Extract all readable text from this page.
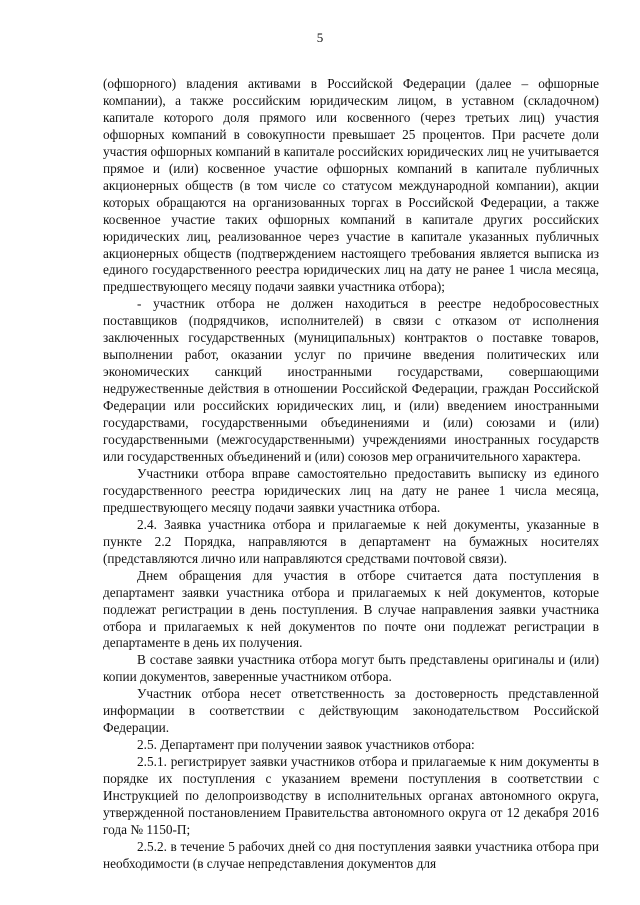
5

(офшорного) владения активами в Российской Федерации (далее – офшорные компании), а также российским юридическим лицом, в уставном (складочном) капитале которого доля прямого или косвенного (через третьих лиц) участия офшорных компаний в совокупности превышает 25 процентов. При расчете доли участия офшорных компаний в капитале российских юридических лиц не учитывается прямое и (или) косвенное участие офшорных компаний в капитале публичных акционерных обществ (в том числе со статусом международной компании), акции которых обращаются на организованных торгах в Российской Федерации, а также косвенное участие таких офшорных компаний в капитале других российских юридических лиц, реализованное через участие в капитале указанных публичных акционерных обществ (подтверждением настоящего требования является выписка из единого государственного реестра юридических лиц на дату не ранее 1 числа месяца, предшествующего месяцу подачи заявки участника отбора);

- участник отбора не должен находиться в реестре недобросовестных поставщиков (подрядчиков, исполнителей) в связи с отказом от исполнения заключенных государственных (муниципальных) контрактов о поставке товаров, выполнении работ, оказании услуг по причине введения политических или экономических санкций иностранными государствами, совершающими недружественные действия в отношении Российской Федерации, граждан Российской Федерации или российских юридических лиц, и (или) введением иностранными государствами, государственными объединениями и (или) союзами и (или) государственными (межгосударственными) учреждениями иностранных государств или государственных объединений и (или) союзов мер ограничительного характера.

Участники отбора вправе самостоятельно предоставить выписку из единого государственного реестра юридических лиц на дату не ранее 1 числа месяца, предшествующего месяцу подачи заявки участника отбора.

2.4. Заявка участника отбора и прилагаемые к ней документы, указанные в пункте 2.2 Порядка, направляются в департамент на бумажных носителях (представляются лично или направляются средствами почтовой связи).

Днем обращения для участия в отборе считается дата поступления в департамент заявки участника отбора и прилагаемых к ней документов, которые подлежат регистрации в день поступления. В случае направления заявки участника отбора и прилагаемых к ней документов по почте они подлежат регистрации в департаменте в день их получения.

В составе заявки участника отбора могут быть представлены оригиналы и (или) копии документов, заверенные участником отбора.

Участник отбора несет ответственность за достоверность представленной информации в соответствии с действующим законодательством Российской Федерации.

2.5. Департамент при получении заявок участников отбора:

2.5.1. регистрирует заявки участников отбора и прилагаемые к ним документы в порядке их поступления с указанием времени поступления в соответствии с Инструкцией по делопроизводству в исполнительных органах автономного округа, утвержденной постановлением Правительства автономного округа от 12 декабря 2016 года № 1150-П;

2.5.2. в течение 5 рабочих дней со дня поступления заявки участника отбора при необходимости (в случае непредставления документов для
